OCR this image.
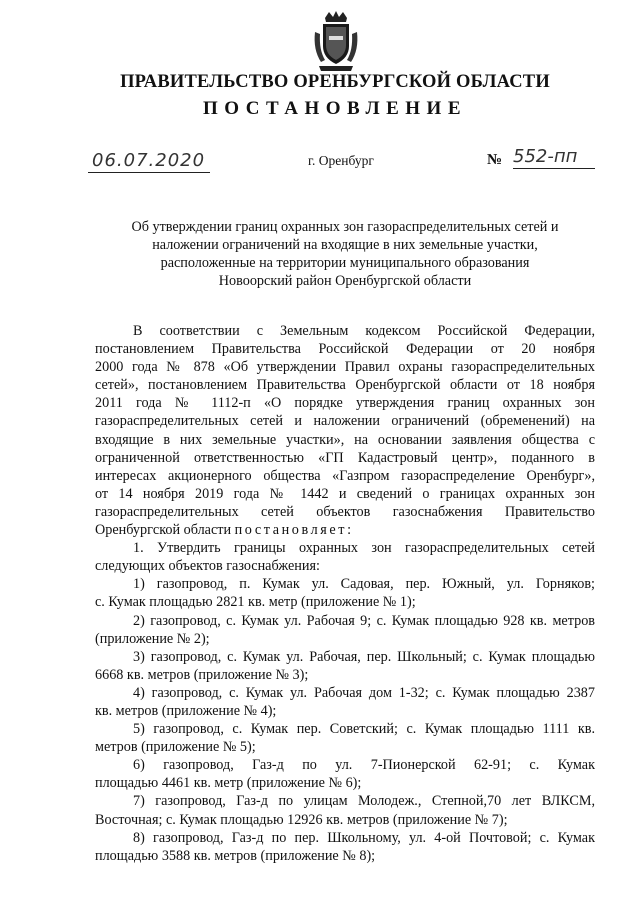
ПРАВИТЕЛЬСТВО ОРЕНБУРГСКОЙ ОБЛАСТИ
ПОСТАНОВЛЕНИЕ
06.07.2020	г. Оренбург	№ 552-пп
Об утверждении границ охранных зон газораспределительных сетей и
наложении ограничений на входящие в них земельные участки,
расположенные на территории муниципального образования
Новоорский район Оренбургской области

В соответствии с Земельным кодексом Российской Федерации,
постановлением Правительства Российской Федерации от 20 ноября
2000 года № 878 «Об утверждении Правил охраны газораспределительных
сетей», постановлением Правительства Оренбургской области от 18 ноября
2011 года № 1112-п «О порядке утверждения границ охранных зон
газораспределительных сетей и наложении ограничений (обременений) на
входящие в них земельные участки», на основании заявления общества с
ограниченной ответственностью «ГП Кадастровый центр», поданного в
интересах акционерного общества «Газпром газораспределение Оренбург»,
от 14 ноября 2019 года № 1442 и сведений о границах охранных зон
газораспределительных сетей объектов газоснабжения Правительство
Оренбургской области постановляет:

1. Утвердить границы охранных зон газораспределительных сетей
следующих объектов газоснабжения:

1) газопровод, п. Кумак ул. Садовая, пер. Южный, ул. Горняков;
с. Кумак площадью 2821 кв. метр (приложение № 1);

2) газопровод, с. Кумак ул. Рабочая 9; с. Кумак площадью 928 кв. метров
(приложение № 2);

3) газопровод, с. Кумак ул. Рабочая, пер. Школьный; с. Кумак площадью
6668 кв. метров (приложение № 3);

4) газопровод, с. Кумак ул. Рабочая дом 1-32; с. Кумак площадью 2387
кв. метров (приложение № 4);

5) газопровод, с. Кумак пер. Советский; с. Кумак площадью 1111 кв.
метров (приложение № 5);

6) газопровод, Газ-д по ул. 7-Пионерской 62-91; с. Кумак
площадью 4461 кв. метр (приложение № 6);

7) газопровод, Газ-д по улицам Молодеж., Степной,70 лет ВЛКСМ,
Восточная; с. Кумак площадью 12926 кв. метров (приложение № 7);

8) газопровод, Газ-д по пер. Школьному, ул. 4-ой Почтовой; с. Кумак
площадью 3588 кв. метров (приложение № 8);
